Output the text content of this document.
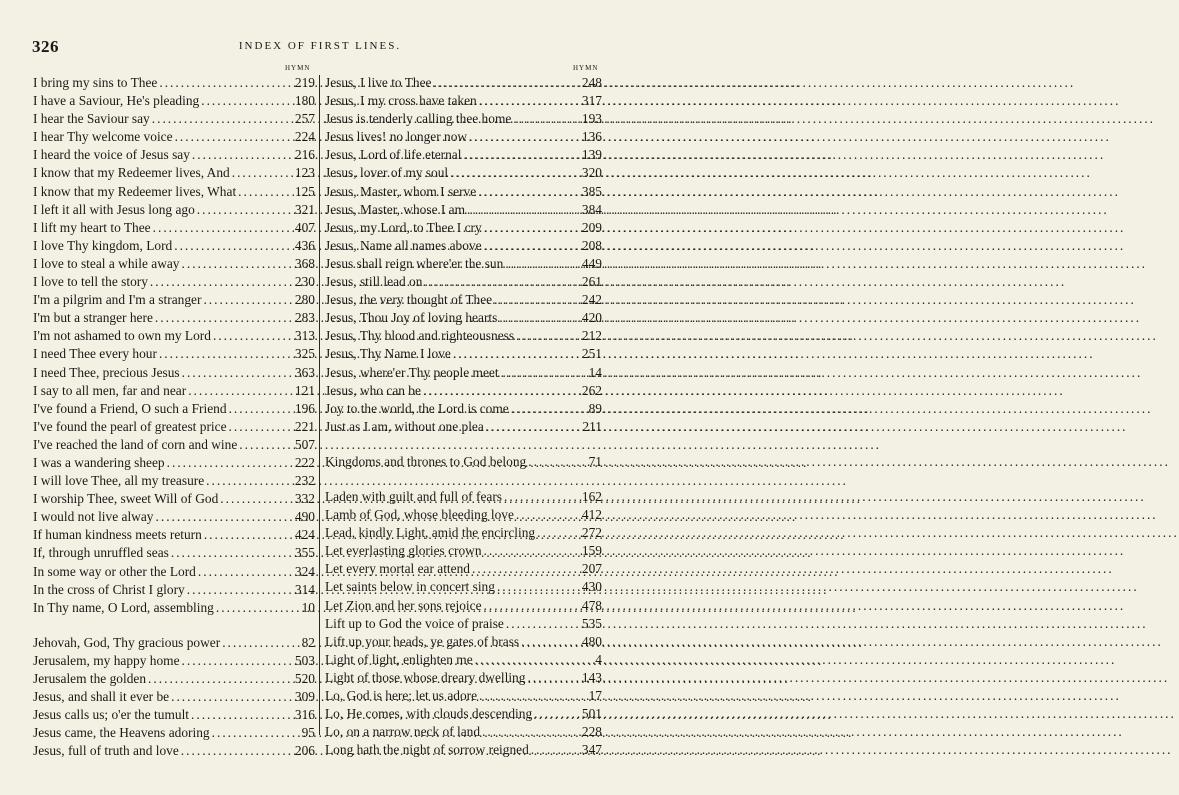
326	INDEX OF FIRST LINES.
HYMN	HYMN
I bring my sins to Thee .....	219
I have a Saviour, He's pleading .....	180
I hear the Saviour say .....	257
I hear Thy welcome voice .....	224
I heard the voice of Jesus say .....	216
I know that my Redeemer lives, And .....	123
I know that my Redeemer lives, What .....	125
I left it all with Jesus long ago .....	321
I lift my heart to Thee .....	407
I love Thy kingdom, Lord .....	436
I love to steal a while away .....	368
I love to tell the story .....	230
I'm a pilgrim and I'm a stranger .....	280
I'm but a stranger here .....	283
I'm not ashamed to own my Lord .....	313
I need Thee every hour .....	325
I need Thee, precious Jesus .....	363
I say to all men, far and near .....	121
I've found a Friend, O such a Friend .....	196
I've found the pearl of greatest price .....	221
I've reached the land of corn and wine .....	507
I was a wandering sheep .....	222
I will love Thee, all my treasure .....	232
I worship Thee, sweet Will of God .....	332
I would not live alway .....	490
If human kindness meets return .....	424
If, through unruffled seas .....	355
In some way or other the Lord .....	324
In the cross of Christ I glory .....	314
In Thy name, O Lord, assembling .....	10
Jehovah, God, Thy gracious power .....	82
Jerusalem, my happy home .....	503
Jerusalem the golden .....	520
Jesus, and shall it ever be .....	309
Jesus calls us; o'er the tumult .....	316
Jesus came, the Heavens adoring .....	95
Jesus, full of truth and love .....	206
Jesus, I live to Thee .....	248
Jesus, I my cross have taken .....	317
Jesus is tenderly calling thee home .....	193
Jesus lives! no longer now .....	136
Jesus, Lord of life eternal .....	139
Jesus, lover of my soul .....	320
Jesus, Master, whom I serve .....	385
Jesus, Master, whose I am .....	384
Jesus, my Lord, to Thee I cry .....	209
Jesus, Name all names above .....	208
Jesus shall reign where'er the sun .....	449
Jesus, still lead on .....	261
Jesus, the very thought of Thee .....	242
Jesus, Thou Joy of loving hearts .....	420
Jesus, Thy blood and righteousness .....	212
Jesus, Thy Name I love .....	251
Jesus, where'er Thy people meet .....	14
Jesus, who can be .....	262
Joy to the world, the Lord is come .....	89
Just as I am, without one plea .....	211
Kingdoms and thrones to God belong .....	71
Laden with guilt and full of fears .....	162
Lamb of God, whose bleeding love .....	412
Lead, kindly Light, amid the encircling .....	272
Let everlasting glories crown .....	159
Let every mortal ear attend .....	207
Let saints below in concert sing .....	430
Let Zion and her sons rejoice .....	478
Lift up to God the voice of praise .....	535
Lift up your heads, ye gates of brass .....	480
Light of light, enlighten me .....	4
Light of those whose dreary dwelling .....	143
Lo, God is here; let us adore .....	17
Lo, He comes, with clouds descending .....	501
Lo, on a narrow neck of land .....	228
Long hath the night of sorrow reigned .....	347
